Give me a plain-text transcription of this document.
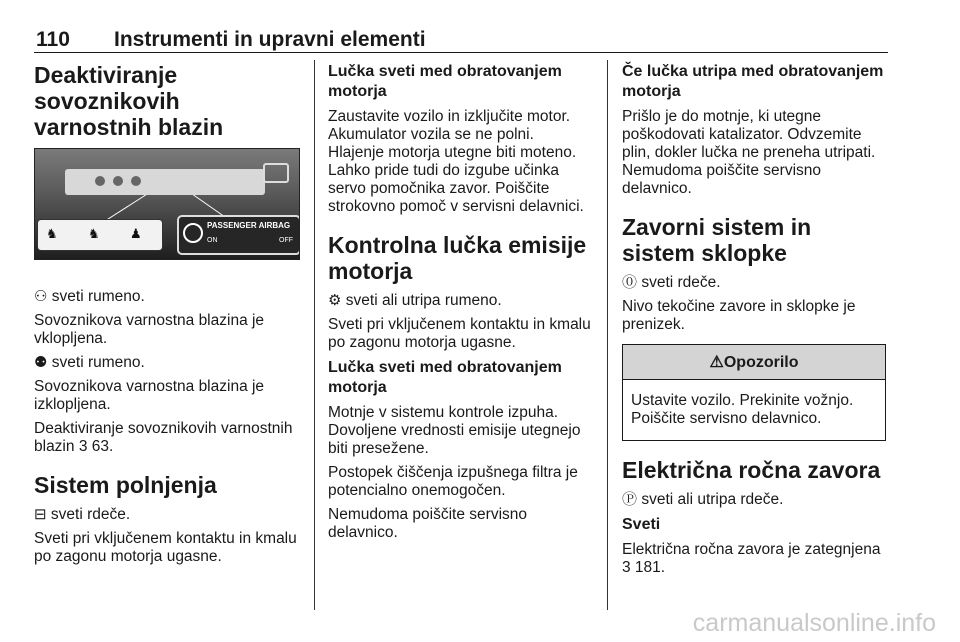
110 Instrumenti in upravni elementi
Deaktiviranje sovoznikovih varnostnih blazin
♞ ♞ ♟
PASSENGER AIRBAG
ON	OFF

⚇ sveti rumeno.

Sovoznikova varnostna blazina je vklopljena.

⚉ sveti rumeno.

Sovoznikova varnostna blazina je izklopljena.

Deaktiviranje sovoznikovih varnostnih blazin 3 63.

Sistem polnjenja

⊟ sveti rdeče.

Sveti pri vključenem kontaktu in kmalu po zagonu motorja ugasne.

Lučka sveti med obratovanjem motorja

Zaustavite vozilo in izključite motor. Akumulator vozila se ne polni. Hlajenje motorja utegne biti moteno. Lahko pride tudi do izgube učinka servo pomočnika zavor. Poiščite strokovno pomoč v servisni delavnici.

Kontrolna lučka emisije motorja

⚙ sveti ali utripa rumeno.

Sveti pri vključenem kontaktu in kmalu po zagonu motorja ugasne.

Lučka sveti med obratovanjem motorja

Motnje v sistemu kontrole izpuha. Dovoljene vrednosti emisije utegnejo biti presežene.

Postopek čiščenja izpušnega filtra je potencialno onemogočen.

Nemudoma poiščite servisno delavnico.

Če lučka utripa med obratovanjem motorja

Prišlo je do motnje, ki utegne poškodovati katalizator. Odvzemite plin, dokler lučka ne preneha utripati. Nemudoma poiščite servisno delavnico.

Zavorni sistem in sistem sklopke

⓪ sveti rdeče.

Nivo tekočine zavore in sklopke je prenizek.

⚠Opozorilo

Ustavite vozilo. Prekinite vožnjo. Poiščite servisno delavnico.

Električna ročna zavora

Ⓟ sveti ali utripa rdeče.

Sveti

Električna ročna zavora je zategnjena 3 181.

carmanualsonline.info
